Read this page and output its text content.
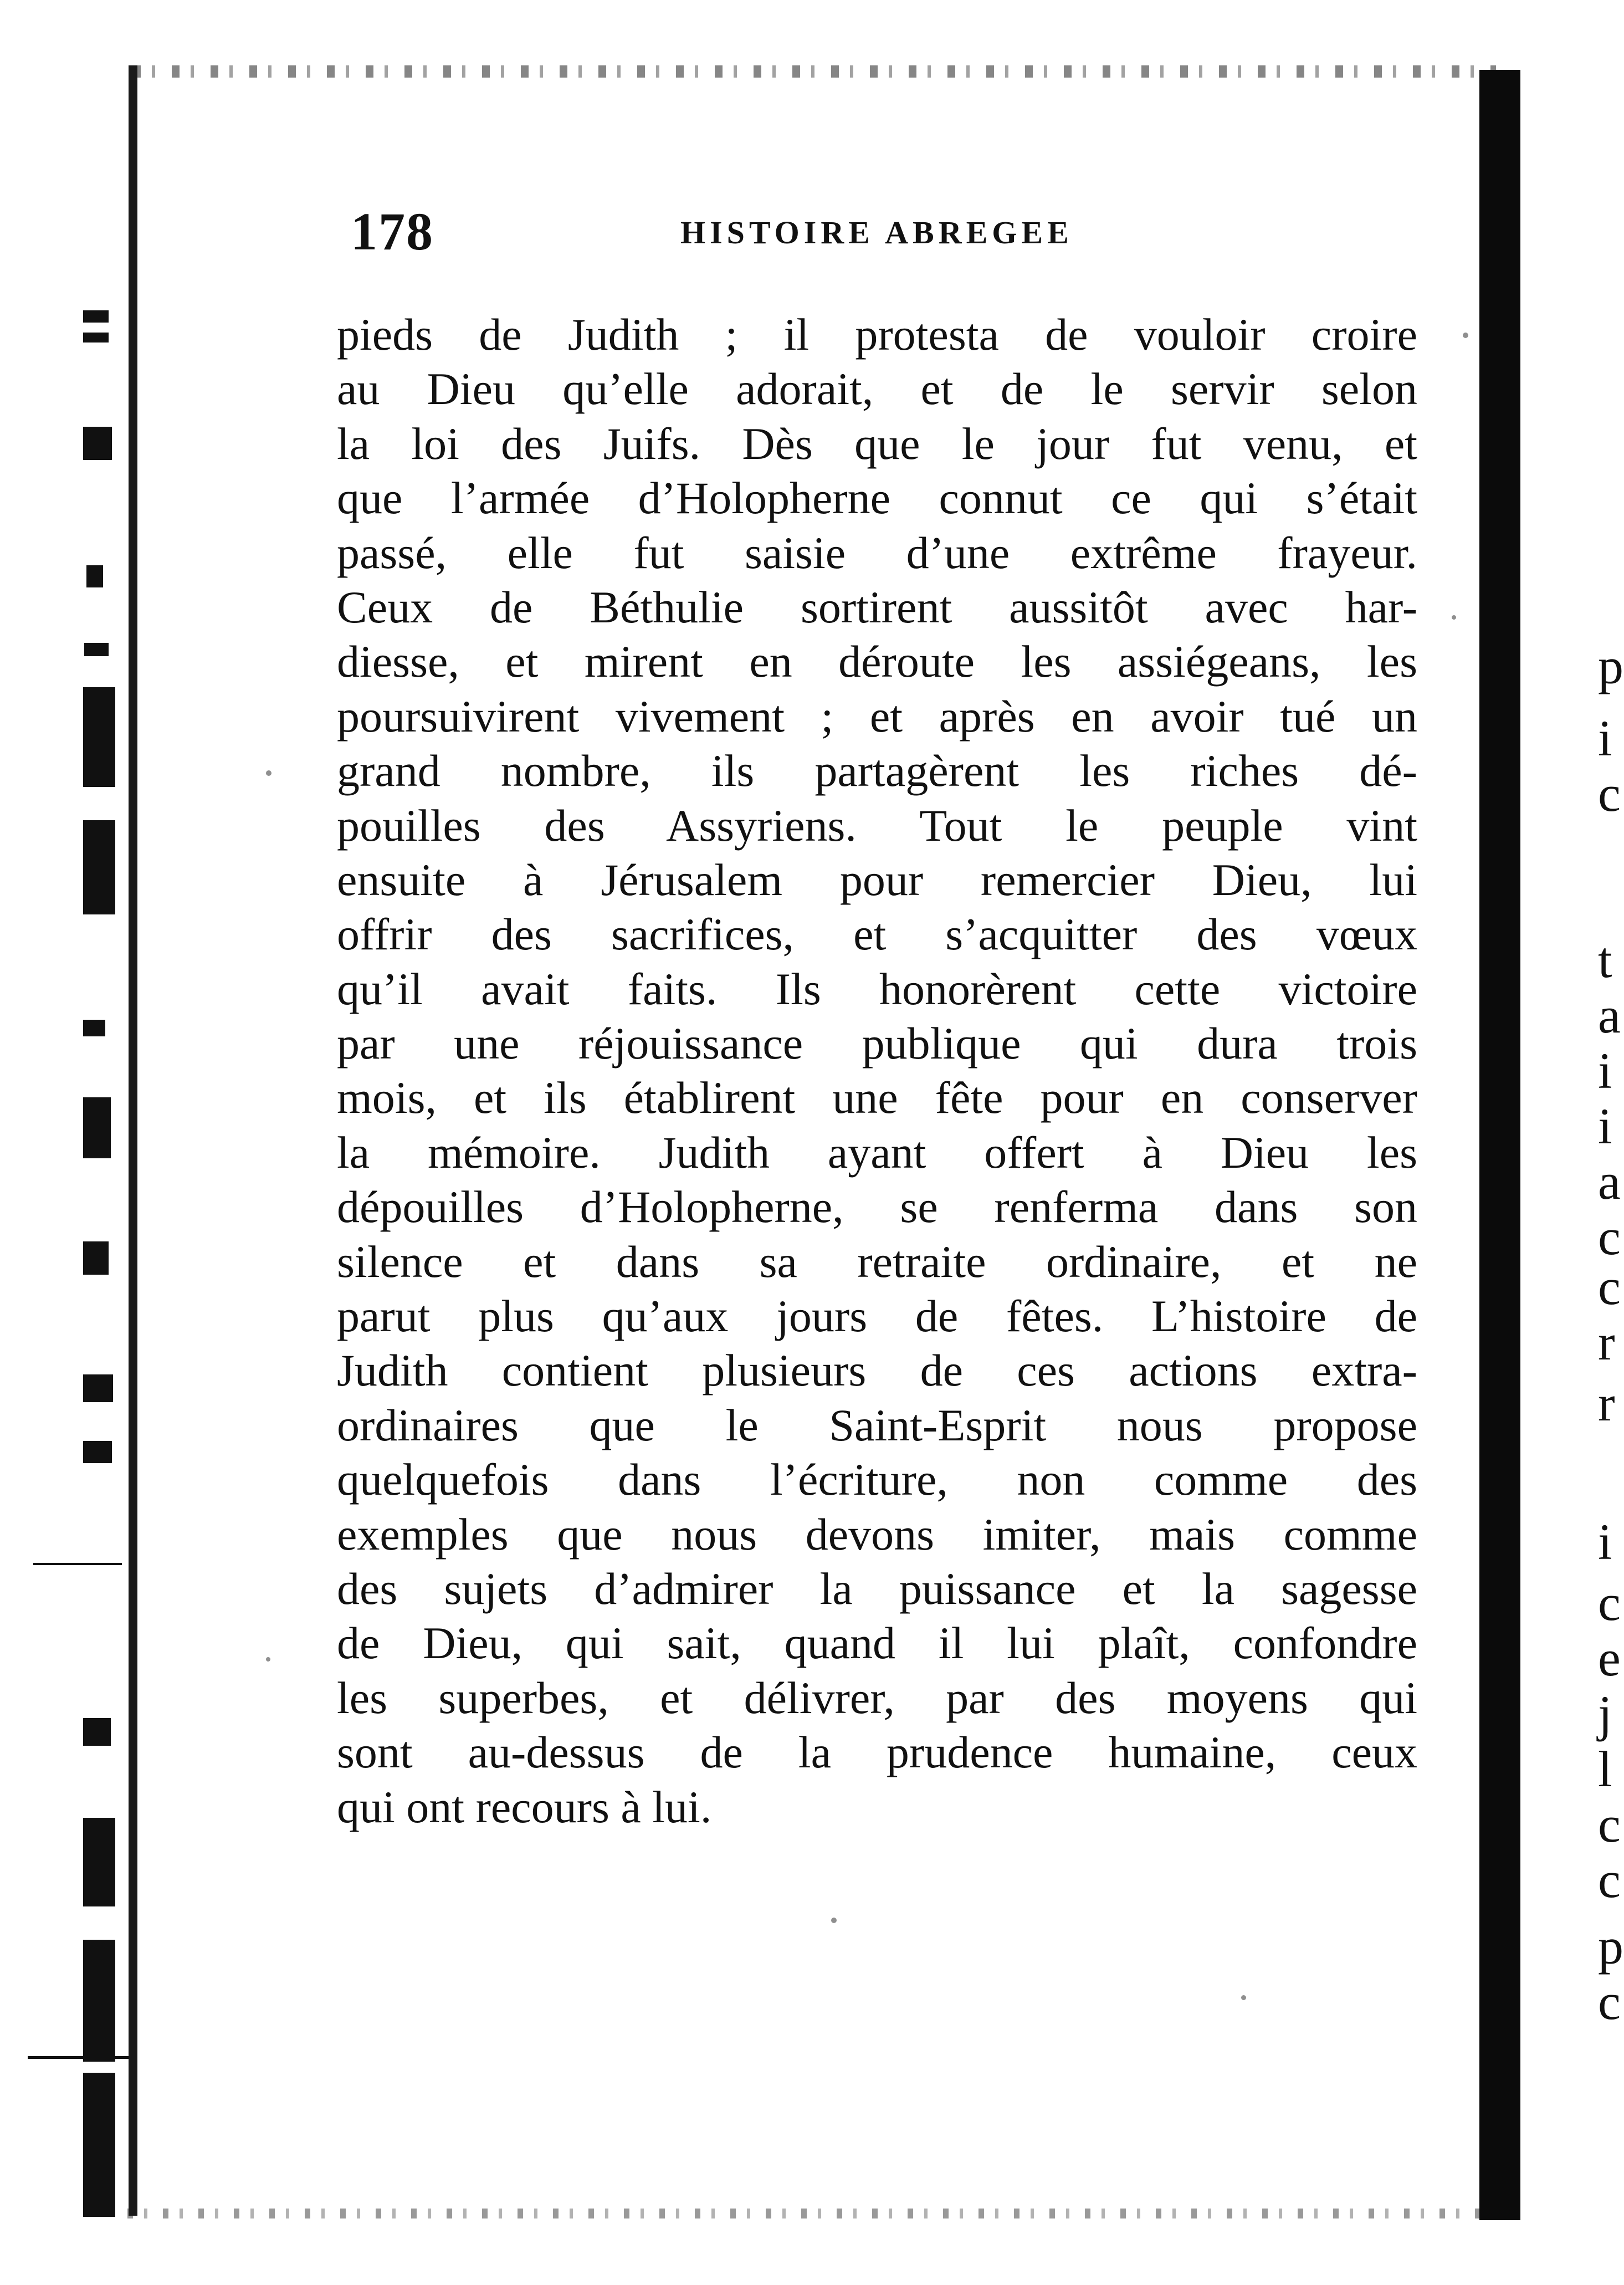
p
i
c
t
a
i
i
a
c
c
r
r
i
c
e
j
l
c
c
p
c
178	HISTOIRE ABREGEE
pieds de Judith ; il protesta de vouloir croire
au Dieu qu’elle adorait, et de le servir selon
la loi des Juifs. Dès que le jour fut venu, et
que l’armée d’Holopherne connut ce qui s’était
passé, elle fut saisie d’une extrême frayeur.
Ceux de Béthulie sortirent aussitôt avec har-
diesse, et mirent en déroute les assiégeans, les
poursuivirent vivement ; et après en avoir tué un
grand nombre, ils partagèrent les riches dé-
pouilles des Assyriens. Tout le peuple vint
ensuite à Jérusalem pour remercier Dieu, lui
offrir des sacrifices, et s’acquitter des vœux
qu’il avait faits. Ils honorèrent cette victoire
par une réjouissance publique qui dura trois
mois, et ils établirent une fête pour en conserver
la mémoire. Judith ayant offert à Dieu les
dépouilles d’Holopherne, se renferma dans son
silence et dans sa retraite ordinaire, et ne
parut plus qu’aux jours de fêtes. L’histoire de
Judith contient plusieurs de ces actions extra-
ordinaires que le Saint-Esprit nous propose
quelquefois dans l’écriture, non comme des
exemples que nous devons imiter, mais comme
des sujets d’admirer la puissance et la sagesse
de Dieu, qui sait, quand il lui plaît, confondre
les superbes, et délivrer, par des moyens qui
sont au-dessus de la prudence humaine, ceux
qui ont recours à lui.
